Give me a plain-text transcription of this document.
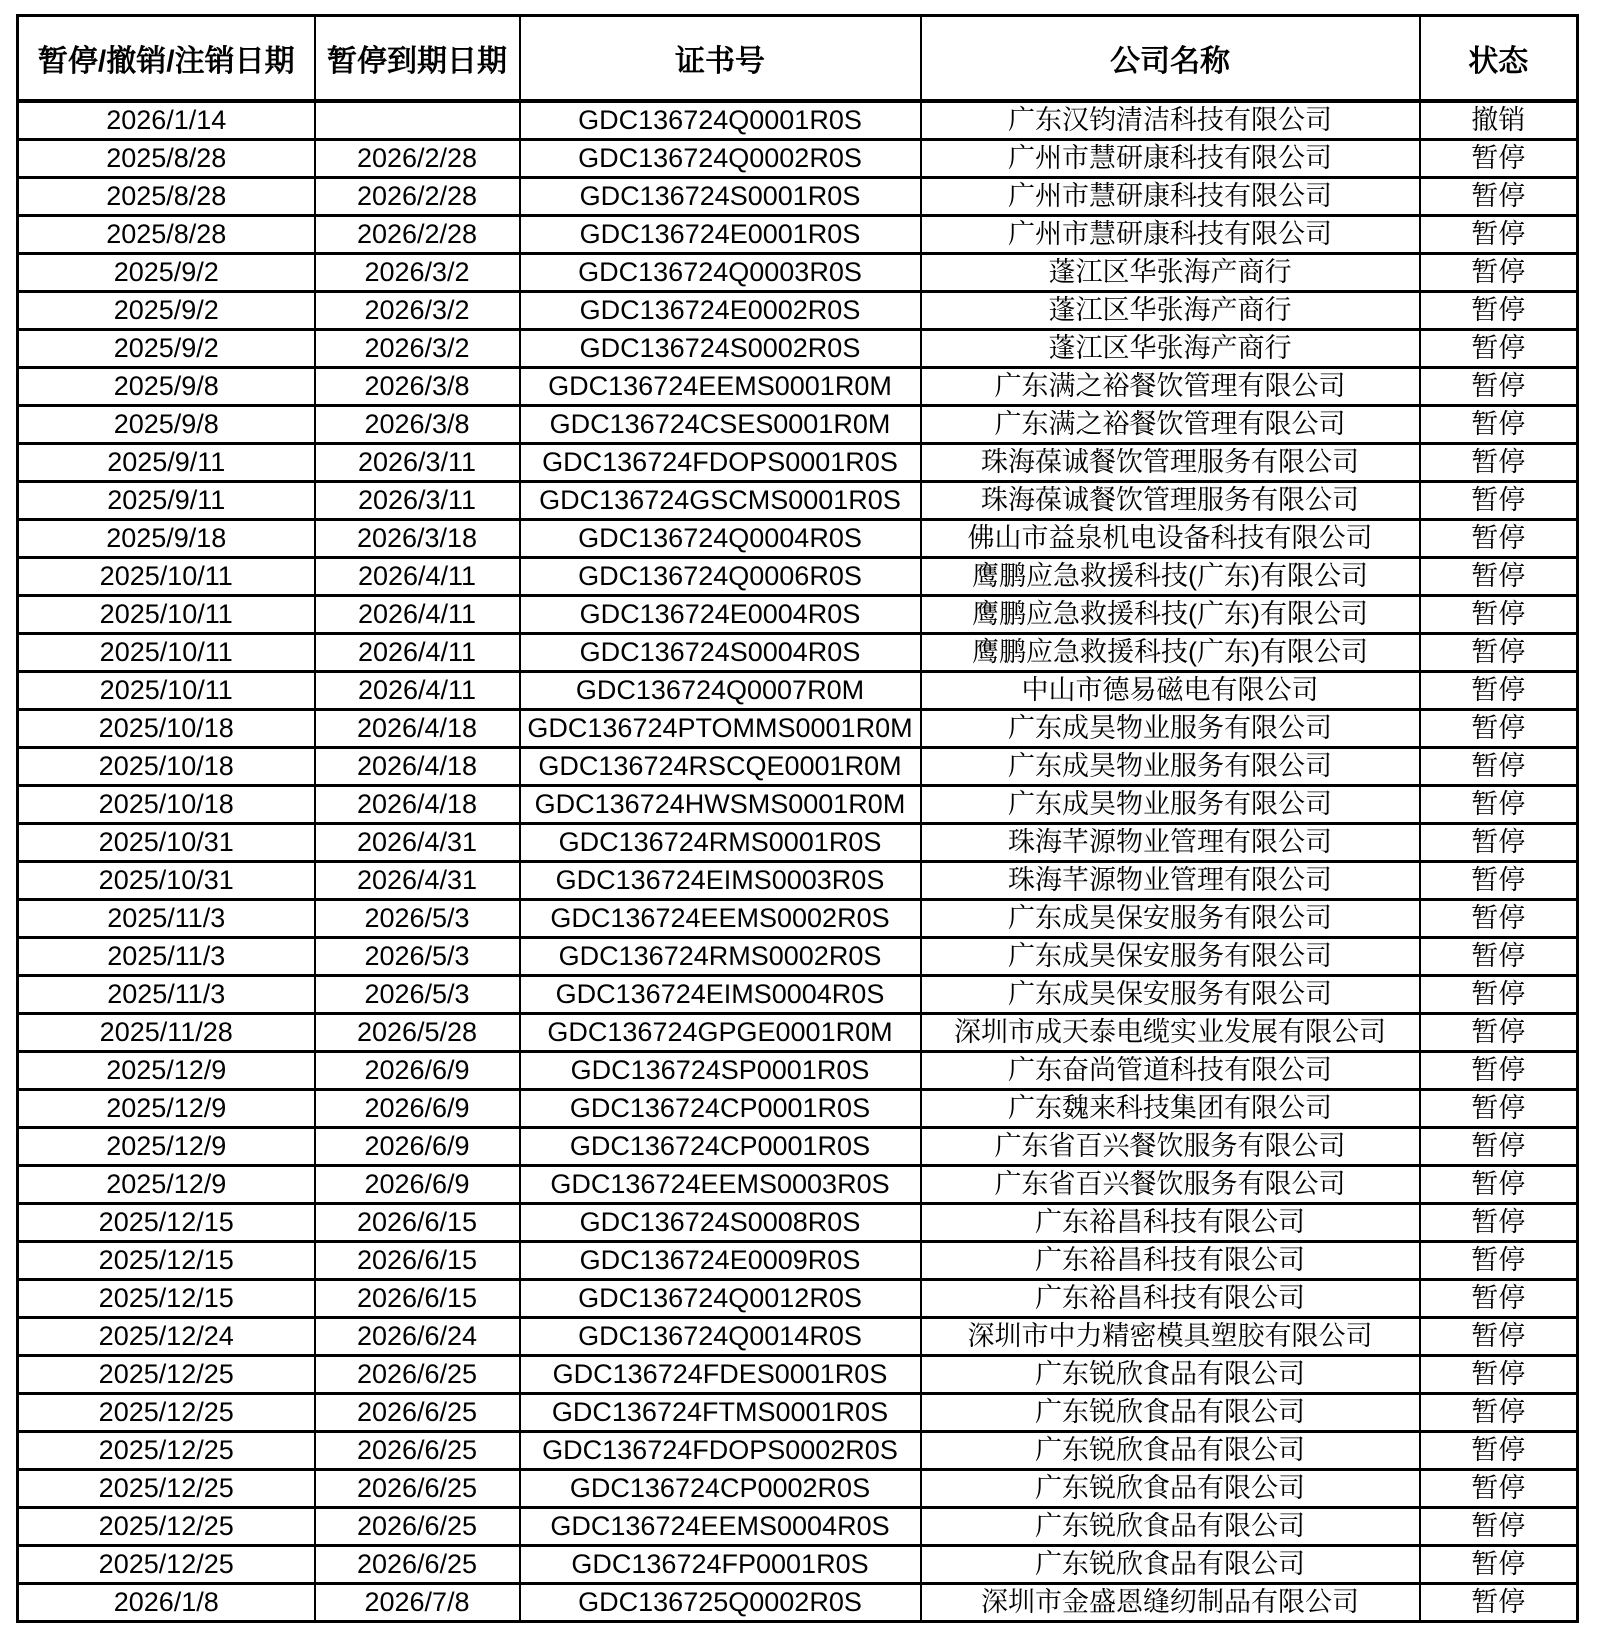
暂停/撤销/注销日期	暂停到期日期	证书号	公司名称	状态
2026/1/14		GDC136724Q0001R0S	广东汉钧清洁科技有限公司	撤销
2025/8/28	2026/2/28	GDC136724Q0002R0S	广州市慧研康科技有限公司	暂停
2025/8/28	2026/2/28	GDC136724S0001R0S	广州市慧研康科技有限公司	暂停
2025/8/28	2026/2/28	GDC136724E0001R0S	广州市慧研康科技有限公司	暂停
2025/9/2	2026/3/2	GDC136724Q0003R0S	蓬江区华张海产商行	暂停
2025/9/2	2026/3/2	GDC136724E0002R0S	蓬江区华张海产商行	暂停
2025/9/2	2026/3/2	GDC136724S0002R0S	蓬江区华张海产商行	暂停
2025/9/8	2026/3/8	GDC136724EEMS0001R0M	广东满之裕餐饮管理有限公司	暂停
2025/9/8	2026/3/8	GDC136724CSES0001R0M	广东满之裕餐饮管理有限公司	暂停
2025/9/11	2026/3/11	GDC136724FDOPS0001R0S	珠海葆诚餐饮管理服务有限公司	暂停
2025/9/11	2026/3/11	GDC136724GSCMS0001R0S	珠海葆诚餐饮管理服务有限公司	暂停
2025/9/18	2026/3/18	GDC136724Q0004R0S	佛山市益泉机电设备科技有限公司	暂停
2025/10/11	2026/4/11	GDC136724Q0006R0S	鹰鹏应急救援科技(广东)有限公司	暂停
2025/10/11	2026/4/11	GDC136724E0004R0S	鹰鹏应急救援科技(广东)有限公司	暂停
2025/10/11	2026/4/11	GDC136724S0004R0S	鹰鹏应急救援科技(广东)有限公司	暂停
2025/10/11	2026/4/11	GDC136724Q0007R0M	中山市德易磁电有限公司	暂停
2025/10/18	2026/4/18	GDC136724PTOMMS0001R0M	广东成昊物业服务有限公司	暂停
2025/10/18	2026/4/18	GDC136724RSCQE0001R0M	广东成昊物业服务有限公司	暂停
2025/10/18	2026/4/18	GDC136724HWSMS0001R0M	广东成昊物业服务有限公司	暂停
2025/10/31	2026/4/31	GDC136724RMS0001R0S	珠海芊源物业管理有限公司	暂停
2025/10/31	2026/4/31	GDC136724EIMS0003R0S	珠海芊源物业管理有限公司	暂停
2025/11/3	2026/5/3	GDC136724EEMS0002R0S	广东成昊保安服务有限公司	暂停
2025/11/3	2026/5/3	GDC136724RMS0002R0S	广东成昊保安服务有限公司	暂停
2025/11/3	2026/5/3	GDC136724EIMS0004R0S	广东成昊保安服务有限公司	暂停
2025/11/28	2026/5/28	GDC136724GPGE0001R0M	深圳市成天泰电缆实业发展有限公司	暂停
2025/12/9	2026/6/9	GDC136724SP0001R0S	广东奋尚管道科技有限公司	暂停
2025/12/9	2026/6/9	GDC136724CP0001R0S	广东魏来科技集团有限公司	暂停
2025/12/9	2026/6/9	GDC136724CP0001R0S	广东省百兴餐饮服务有限公司	暂停
2025/12/9	2026/6/9	GDC136724EEMS0003R0S	广东省百兴餐饮服务有限公司	暂停
2025/12/15	2026/6/15	GDC136724S0008R0S	广东裕昌科技有限公司	暂停
2025/12/15	2026/6/15	GDC136724E0009R0S	广东裕昌科技有限公司	暂停
2025/12/15	2026/6/15	GDC136724Q0012R0S	广东裕昌科技有限公司	暂停
2025/12/24	2026/6/24	GDC136724Q0014R0S	深圳市中力精密模具塑胶有限公司	暂停
2025/12/25	2026/6/25	GDC136724FDES0001R0S	广东锐欣食品有限公司	暂停
2025/12/25	2026/6/25	GDC136724FTMS0001R0S	广东锐欣食品有限公司	暂停
2025/12/25	2026/6/25	GDC136724FDOPS0002R0S	广东锐欣食品有限公司	暂停
2025/12/25	2026/6/25	GDC136724CP0002R0S	广东锐欣食品有限公司	暂停
2025/12/25	2026/6/25	GDC136724EEMS0004R0S	广东锐欣食品有限公司	暂停
2025/12/25	2026/6/25	GDC136724FP0001R0S	广东锐欣食品有限公司	暂停
2026/1/8	2026/7/8	GDC136725Q0002R0S	深圳市金盛恩缝纫制品有限公司	暂停
